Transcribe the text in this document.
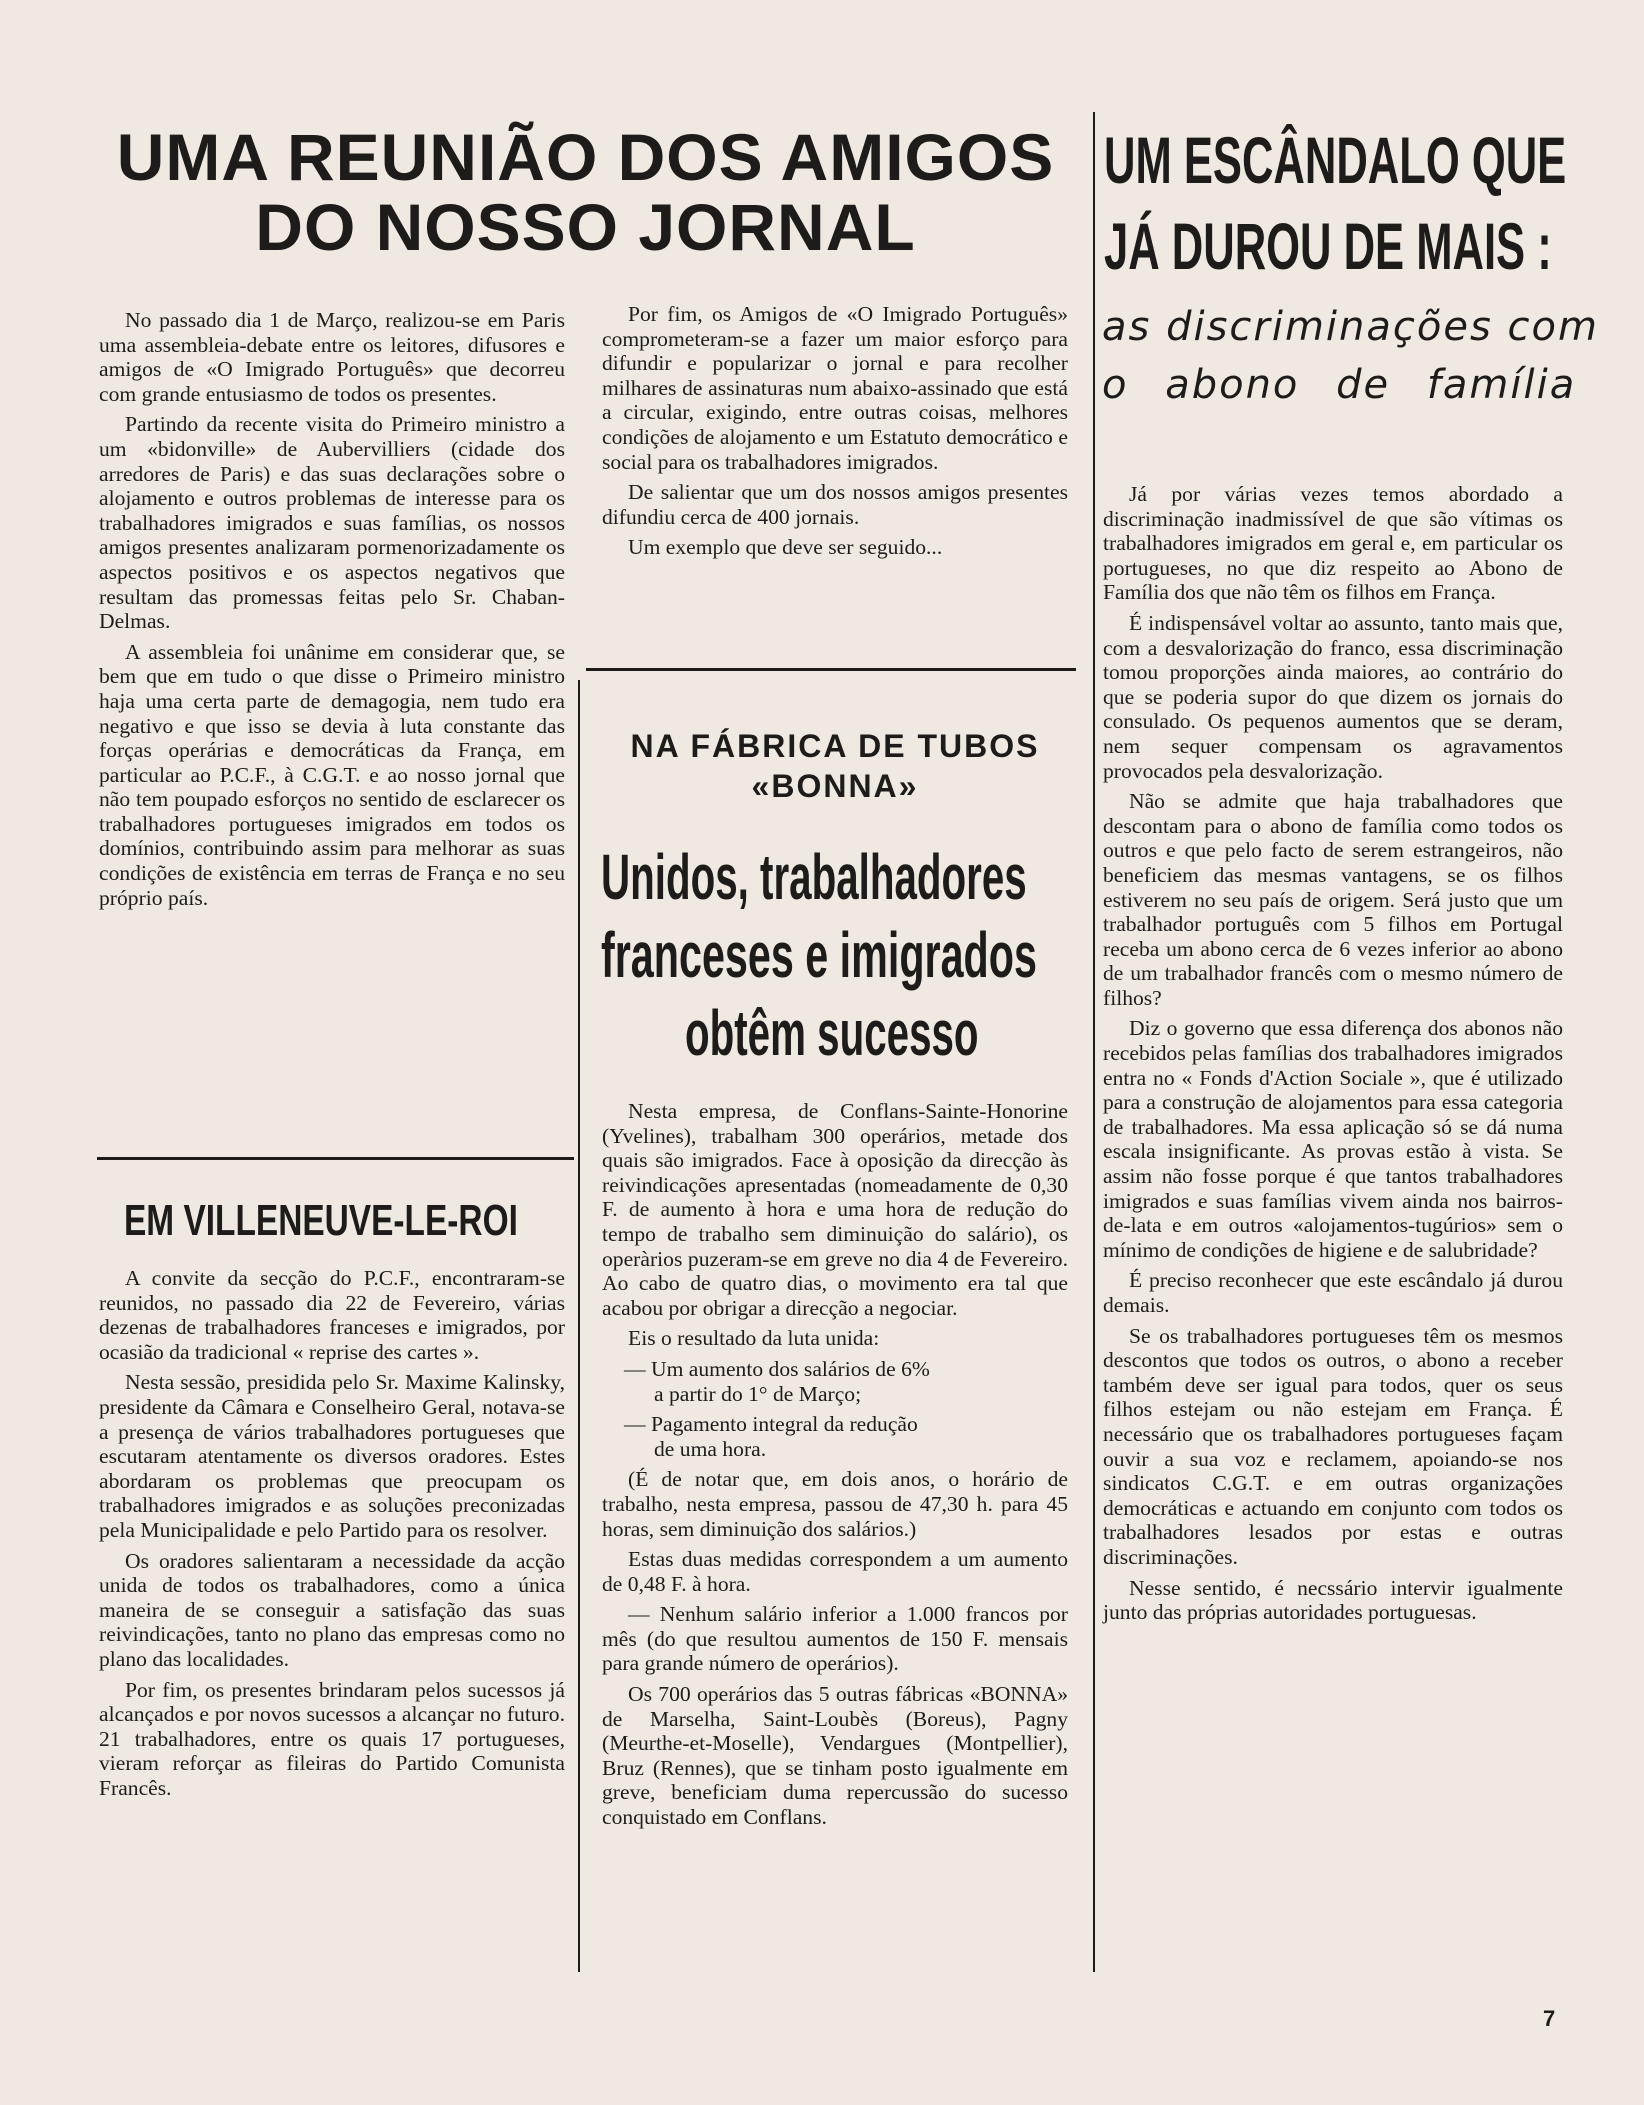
UMA REUNIÃO DOS AMIGOS
DO NOSSO JORNAL

No passado dia 1 de Março, realizou-se em Paris uma assembleia-debate entre os leitores, difusores e amigos de «O Imigrado Português» que decorreu com grande entusiasmo de todos os presentes.

Partindo da recente visita do Primeiro ministro a um «bidonville» de Aubervilliers (cidade dos arredores de Paris) e das suas declarações sobre o alojamento e outros problemas de interesse para os trabalhadores imigrados e suas famílias, os nossos amigos presentes analizaram pormenorizadamente os aspectos positivos e os aspectos negativos que resultam das promessas feitas pelo Sr. Chaban-Delmas.

A assembleia foi unânime em considerar que, se bem que em tudo o que disse o Primeiro ministro haja uma certa parte de demagogia, nem tudo era negativo e que isso se devia à luta constante das forças operárias e democráticas da França, em particular ao P.C.F., à C.G.T. e ao nosso jornal que não tem poupado esforços no sentido de esclarecer os trabalhadores portugueses imigrados em todos os domínios, contribuindo assim para melhorar as suas condições de existência em terras de França e no seu próprio país.

Por fim, os Amigos de «O Imigrado Português» comprometeram-se a fazer um maior esforço para difundir e popularizar o jornal e para recolher milhares de assinaturas num abaixo-assinado que está a circular, exigindo, entre outras coisas, melhores condições de alojamento e um Estatuto democrático e social para os trabalhadores imigrados.

De salientar que um dos nossos amigos presentes difundiu cerca de 400 jornais.

Um exemplo que deve ser seguido...

EM VILLENEUVE-LE-ROI

A convite da secção do P.C.F., encontraram-se reunidos, no passado dia 22 de Fevereiro, várias dezenas de trabalhadores franceses e imigrados, por ocasião da tradicional « reprise des cartes ».

Nesta sessão, presidida pelo Sr. Maxime Kalinsky, presidente da Câmara e Conselheiro Geral, notava-se a presença de vários trabalhadores portugueses que escutaram atentamente os diversos oradores. Estes abordaram os problemas que preocupam os trabalhadores imigrados e as soluções preconizadas pela Municipalidade e pelo Partido para os resolver.

Os oradores salientaram a necessidade da acção unida de todos os trabalhadores, como a única maneira de se conseguir a satisfação das suas reivindicações, tanto no plano das empresas como no plano das localidades.

Por fim, os presentes brindaram pelos sucessos já alcançados e por novos sucessos a alcançar no futuro. 21 trabalhadores, entre os quais 17 portugueses, vieram reforçar as fileiras do Partido Comunista Francês.

NA FÁBRICA DE TUBOS
«BONNA»
Unidos, trabalhadores
franceses e imigrados
obtêm sucesso

Nesta empresa, de Conflans-Sainte-Honorine (Yvelines), trabalham 300 operários, metade dos quais são imigrados. Face à oposição da direcção às reivindicações apresentadas (nomeadamente de 0,30 F. de aumento à hora e uma hora de redução do tempo de trabalho sem diminuição do salário), os operàrios puzeram-se em greve no dia 4 de Fevereiro. Ao cabo de quatro dias, o movimento era tal que acabou por obrigar a direcção a negociar.

Eis o resultado da luta unida:

— Um aumento dos salários de 6%

a partir do 1° de Março;

— Pagamento integral da redução

de uma hora.

(É de notar que, em dois anos, o horário de trabalho, nesta empresa, passou de 47,30 h. para 45 horas, sem diminuição dos salários.)

Estas duas medidas correspondem a um aumento de 0,48 F. à hora.

— Nenhum salário inferior a 1.000 francos por mês (do que resultou aumentos de 150 F. mensais para grande número de operários).

Os 700 operários das 5 outras fábricas «BONNA» de Marselha, Saint-Loubès (Boreus), Pagny (Meurthe-et-Moselle), Vendargues (Montpellier), Bruz (Rennes), que se tinham posto igualmente em greve, beneficiam duma repercussão do sucesso conquistado em Conflans.

UM ESCÂNDALO QUE
JÁ DUROU DE MAIS :
as discriminações com
o abono de família

Já por várias vezes temos abordado a discriminação inadmissível de que são vítimas os trabalhadores imigrados em geral e, em particular os portugueses, no que diz respeito ao Abono de Família dos que não têm os filhos em França.

É indispensável voltar ao assunto, tanto mais que, com a desvalorização do franco, essa discriminação tomou proporções ainda maiores, ao contrário do que se poderia supor do que dizem os jornais do consulado. Os pequenos aumentos que se deram, nem sequer compensam os agravamentos provocados pela desvalorização.

Não se admite que haja trabalhadores que descontam para o abono de família como todos os outros e que pelo facto de serem estrangeiros, não beneficiem das mesmas vantagens, se os filhos estiverem no seu país de origem. Será justo que um trabalhador português com 5 filhos em Portugal receba um abono cerca de 6 vezes inferior ao abono de um trabalhador francês com o mesmo número de filhos?

Diz o governo que essa diferença dos abonos não recebidos pelas famílias dos trabalhadores imigrados entra no « Fonds d'Action Sociale », que é utilizado para a construção de alojamentos para essa categoria de trabalhadores. Ma essa aplicação só se dá numa escala insignificante. As provas estão à vista. Se assim não fosse porque é que tantos trabalhadores imigrados e suas famílias vivem ainda nos bairros-de-lata e em outros «alojamentos-tugúrios» sem o mínimo de condições de higiene e de salubridade?

É preciso reconhecer que este escândalo já durou demais.

Se os trabalhadores portugueses têm os mesmos descontos que todos os outros, o abono a receber também deve ser igual para todos, quer os seus filhos estejam ou não estejam em França. É necessário que os trabalhadores portugueses façam ouvir a sua voz e reclamem, apoiando-se nos sindicatos C.G.T. e em outras organizações democráticas e actuando em conjunto com todos os trabalhadores lesados por estas e outras discriminações.

Nesse sentido, é necssário intervir igualmente junto das próprias autoridades portuguesas.

7
